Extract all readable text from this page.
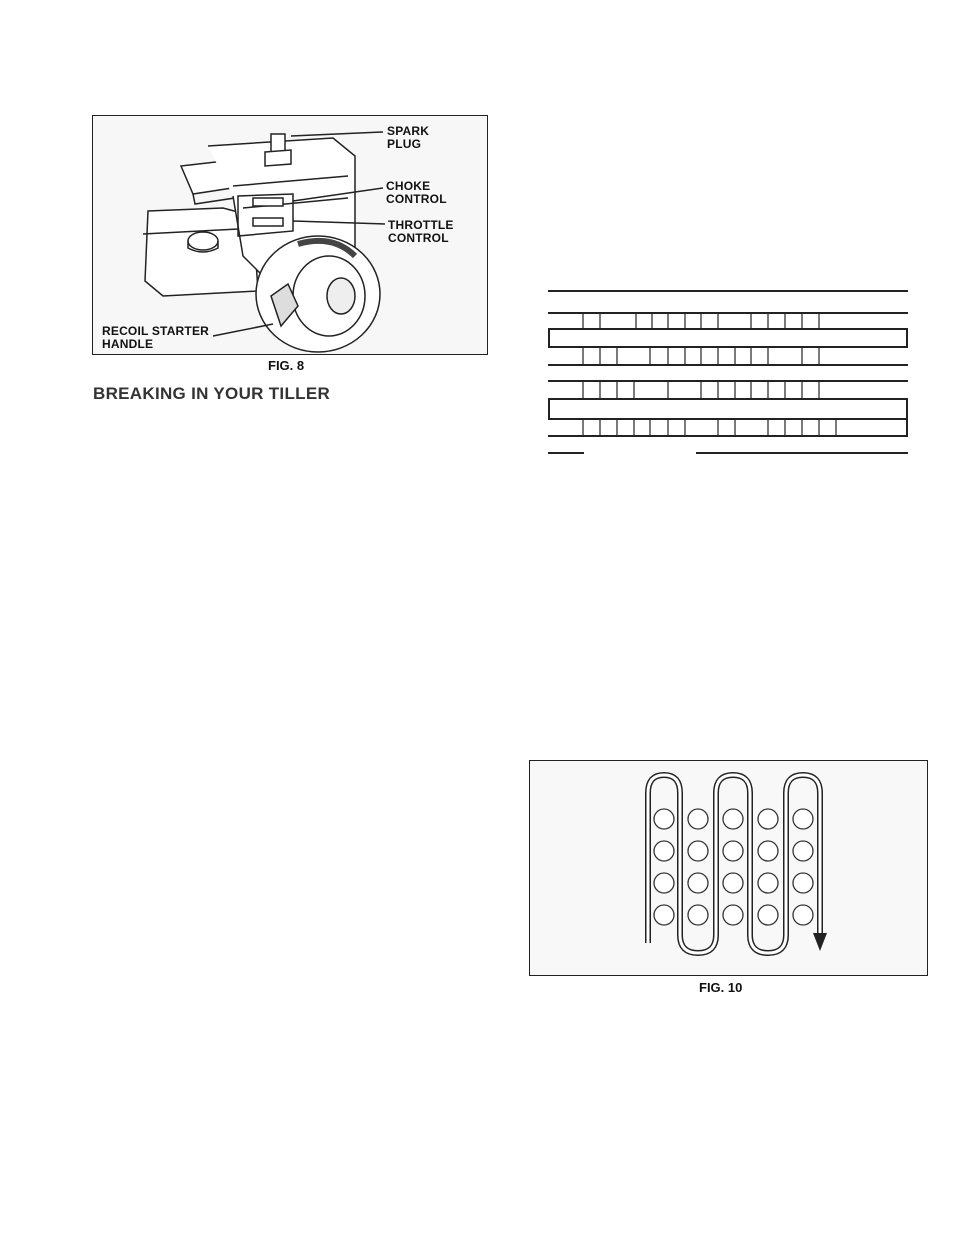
SPARK
PLUG
CHOKE
CONTROL
THROTTLE
CONTROL
RECOIL STARTER
HANDLE
FIG. 8
BREAKING IN YOUR TILLER
FIG. 10
